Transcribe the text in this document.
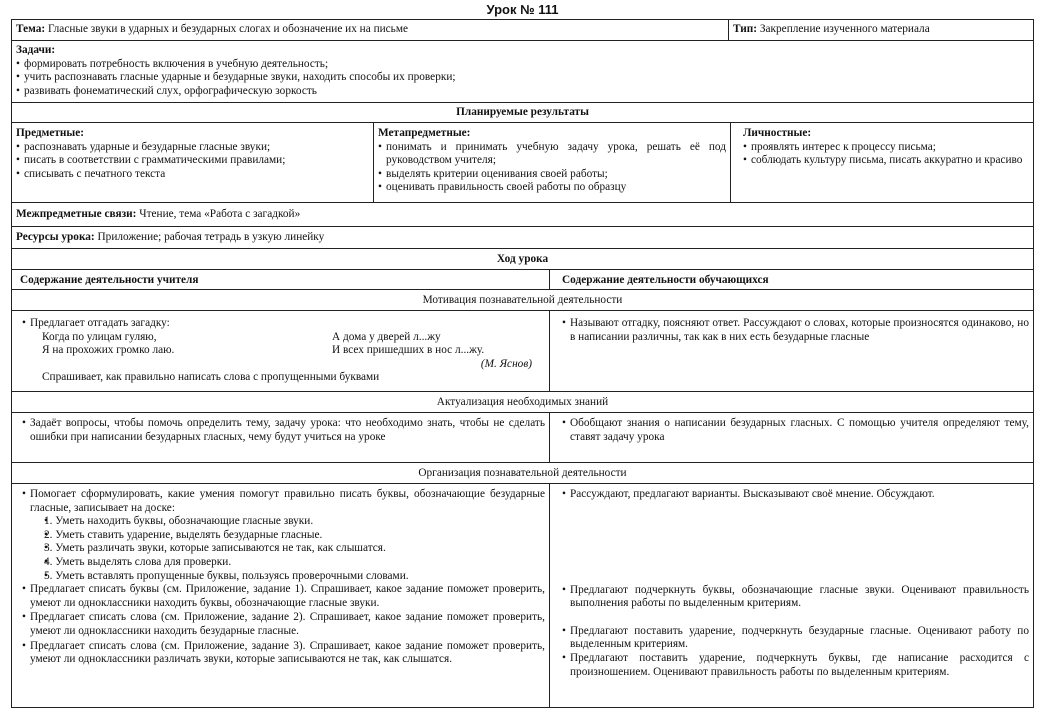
Урок № 111
Тема: Гласные звуки в ударных и безударных слогах и обозначение их на письме	Тип: Закрепление изученного материала
Задачи:
• формировать потребность включения в учебную деятельность;
• учить распознавать гласные ударные и безударные звуки, находить способы их проверки;
• развивать фонематический слух, орфографическую зоркость
Планируемые результаты
Предметные:
• распознавать ударные и безударные гласные звуки;
• писать в соответствии с грамматическими правилами;
• списывать с печатного текста
Метапредметные:
• понимать и принимать учебную задачу урока, решать её под руководством учителя;
• выделять критерии оценивания своей работы;
• оценивать правильность своей работы по образцу
Личностные:
• проявлять интерес к процессу письма;
• соблюдать культуру письма, писать аккуратно и красиво
Межпредметные связи: Чтение, тема «Работа с загадкой»
Ресурсы урока: Приложение; рабочая тетрадь в узкую линейку
Ход урока
Содержание деятельности учителя	Содержание деятельности обучающихся
Мотивация познавательной деятельности
• Предлагает отгадать загадку:
Когда по улицам гуляю,
Я на прохожих громко лаю.
А дома у дверей л...жу
И всех пришедших в нос л...жу.
(М. Яснов)
Спрашивает, как правильно написать слова с пропущенными буквами
• Называют отгадку, поясняют ответ. Рассуждают о словах, которые произносятся одинаково, но в написании различны, так как в них есть безударные гласные
Актуализация необходимых знаний
• Задаёт вопросы, чтобы помочь определить тему, задачу урока: что необходимо знать, чтобы не сделать ошибки при написании безударных гласных, чему будут учиться на уроке
• Обобщают знания о написании безударных гласных. С помощью учителя определяют тему, ставят задачу урока
Организация познавательной деятельности
• Помогает сформулировать, какие умения помогут правильно писать буквы, обозначающие безударные гласные, записывает на доске:
• 1. Уметь находить буквы, обозначающие гласные звуки.
• 2. Уметь ставить ударение, выделять безударные гласные.
• 3. Уметь различать звуки, которые записываются не так, как слышатся.
• 4. Уметь выделять слова для проверки.
• 5. Уметь вставлять пропущенные буквы, пользуясь проверочными словами.
• Предлагает списать буквы (см. Приложение, задание 1). Спрашивает, какое задание поможет проверить, умеют ли одноклассники находить буквы, обозначающие гласные звуки.
• Предлагает списать слова (см. Приложение, задание 2). Спрашивает, какое задание поможет проверить, умеют ли одноклассники находить безударные гласные.
• Предлагает списать слова (см. Приложение, задание 3). Спрашивает, какое задание поможет проверить, умеют ли одноклассники различать звуки, которые записываются не так, как слышатся.
• Рассуждают, предлагают варианты. Высказывают своё мнение. Обсуждают.
• Предлагают подчеркнуть буквы, обозначающие гласные звуки. Оценивают правильность выполнения работы по выделенным критериям.
• Предлагают поставить ударение, подчеркнуть безударные гласные. Оценивают работу по выделенным критериям.
• Предлагают поставить ударение, подчеркнуть буквы, где написание расходится с произношением. Оценивают правильность работы по выделенным критериям.
